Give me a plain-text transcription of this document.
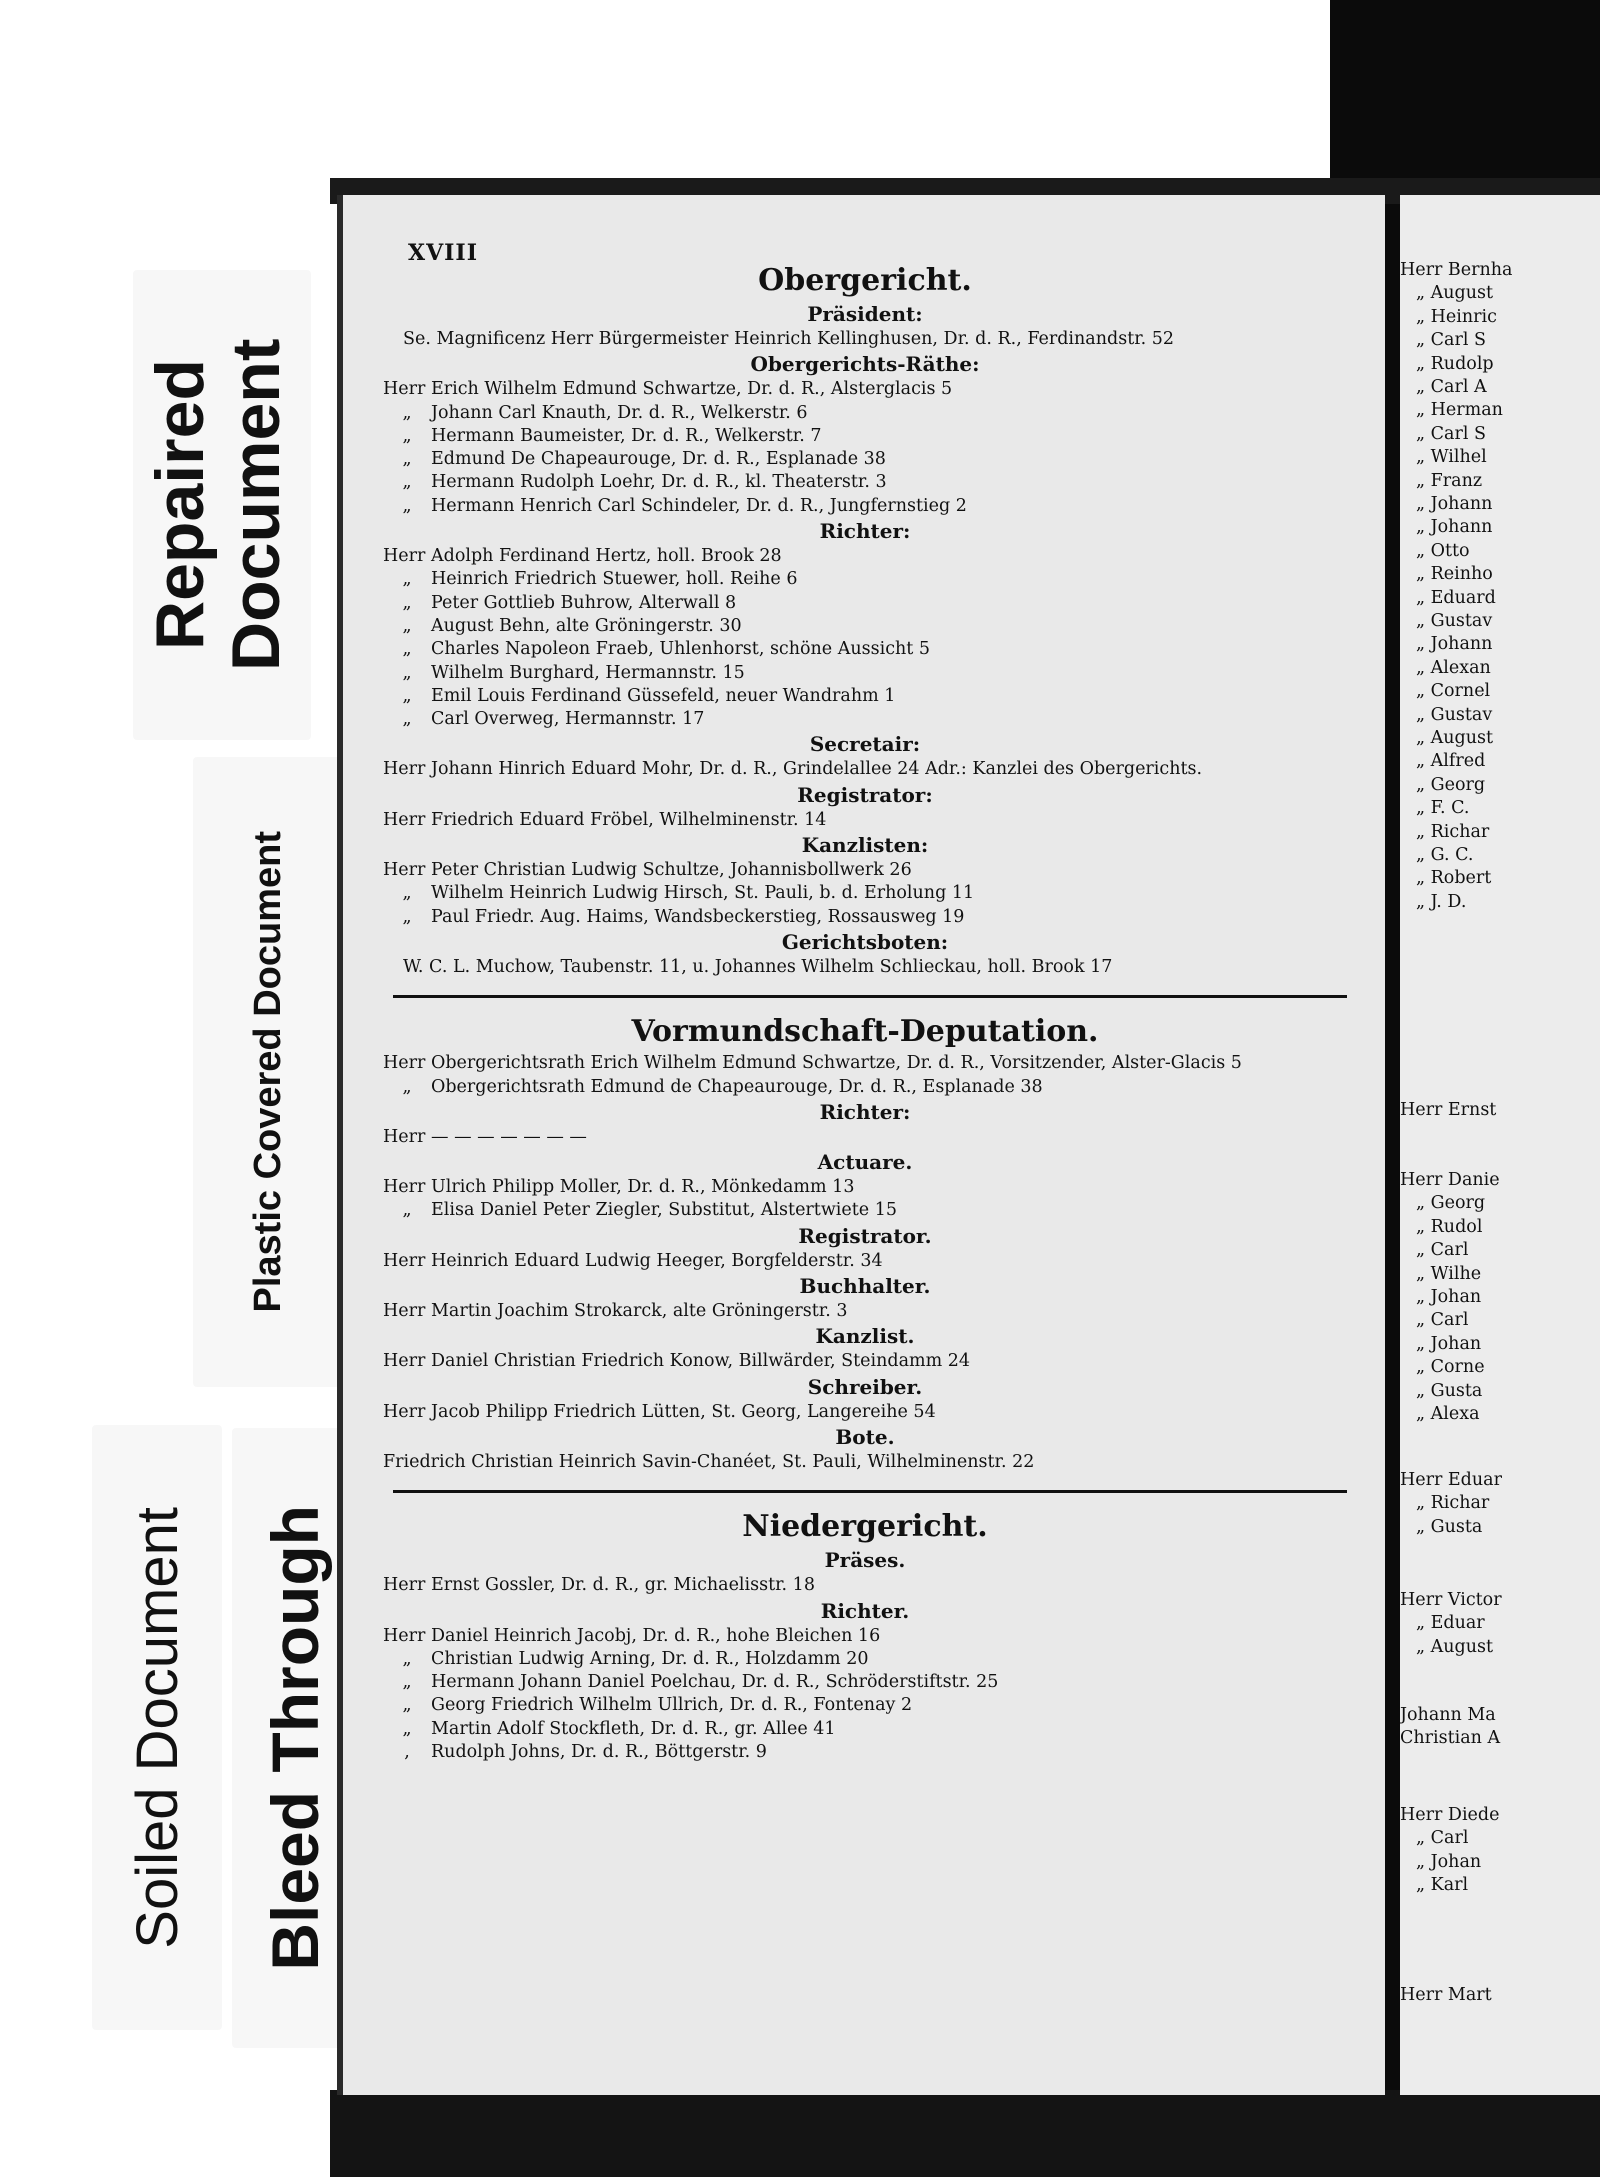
Repaired Document
Plastic Covered Document
Soiled Document Bleed Through
XVIII
Obergericht.
Präsident:
Se. Magnificenz Herr Bürgermeister Heinrich Kellinghusen, Dr. d. R., Ferdinandstr. 52
Obergerichts-Räthe:
Herr Erich Wilhelm Edmund Schwartze, Dr. d. R., Alsterglacis 5
„ Johann Carl Knauth, Dr. d. R., Welkerstr. 6
„ Hermann Baumeister, Dr. d. R., Welkerstr. 7
„ Edmund De Chapeaurouge, Dr. d. R., Esplanade 38
„ Hermann Rudolph Loehr, Dr. d. R., kl. Theaterstr. 3
„ Hermann Henrich Carl Schindeler, Dr. d. R., Jungfernstieg 2
Richter:
Herr Adolph Ferdinand Hertz, holl. Brook 28
„ Heinrich Friedrich Stuewer, holl. Reihe 6
„ Peter Gottlieb Buhrow, Alterwall 8
„ August Behn, alte Gröningerstr. 30
„ Charles Napoleon Fraeb, Uhlenhorst, schöne Aussicht 5
„ Wilhelm Burghard, Hermannstr. 15
„ Emil Louis Ferdinand Güssefeld, neuer Wandrahm 1
„ Carl Overweg, Hermannstr. 17
Secretair:
Herr Johann Hinrich Eduard Mohr, Dr. d. R., Grindelallee 24 Adr.: Kanzlei des Obergerichts.
Registrator:
Herr Friedrich Eduard Fröbel, Wilhelminenstr. 14
Kanzlisten:
Herr Peter Christian Ludwig Schultze, Johannisbollwerk 26
„ Wilhelm Heinrich Ludwig Hirsch, St. Pauli, b. d. Erholung 11
„ Paul Friedr. Aug. Haims, Wandsbeckerstieg, Rossausweg 19
Gerichtsboten:
W. C. L. Muchow, Taubenstr. 11, u. Johannes Wilhelm Schlieckau, holl. Brook 17
Vormundschaft-Deputation.
Herr Obergerichtsrath Erich Wilhelm Edmund Schwartze, Dr. d. R., Vorsitzender, Alster-Glacis 5
„ Obergerichtsrath Edmund de Chapeaurouge, Dr. d. R., Esplanade 38
Richter:
Herr — — — — — — —
Actuare.
Herr Ulrich Philipp Moller, Dr. d. R., Mönkedamm 13
„ Elisa Daniel Peter Ziegler, Substitut, Alstertwiete 15
Registrator.
Herr Heinrich Eduard Ludwig Heeger, Borgfelderstr. 34
Buchhalter.
Herr Martin Joachim Strokarck, alte Gröningerstr. 3
Kanzlist.
Herr Daniel Christian Friedrich Konow, Billwärder, Steindamm 24
Schreiber.
Herr Jacob Philipp Friedrich Lütten, St. Georg, Langereihe 54
Bote.
Friedrich Christian Heinrich Savin-Chanéet, St. Pauli, Wilhelminenstr. 22
Niedergericht.
Präses.
Herr Ernst Gossler, Dr. d. R., gr. Michaelisstr. 18
Richter.
Herr Daniel Heinrich Jacobj, Dr. d. R., hohe Bleichen 16
„ Christian Ludwig Arning, Dr. d. R., Holzdamm 20
„ Hermann Johann Daniel Poelchau, Dr. d. R., Schröderstiftstr. 25
„ Georg Friedrich Wilhelm Ullrich, Dr. d. R., Fontenay 2
„ Martin Adolf Stockfleth, Dr. d. R., gr. Allee 41
, Rudolph Johns, Dr. d. R., Böttgerstr. 9
Herr Bernha
„ August
„ Heinric
„ Carl S
„ Rudolp
„ Carl A
„ Herman
„ Carl S
„ Wilhel
„ Franz
„ Johann
„ Johann
„ Otto
„ Reinho
„ Eduard
„ Gustav
„ Johann
„ Alexan
„ Cornel
„ Gustav
„ August
„ Alfred
„ Georg
„ F. C.
„ Richar
„ G. C.
„ Robert
„ J. D.
Herr Ernst
Herr Danie
„ Georg
„ Rudol
„ Carl
„ Wilhe
„ Johan
„ Carl
„ Johan
„ Corne
„ Gusta
„ Alexa
Herr Eduar
„ Richar
„ Gusta
Herr Victor
„ Eduar
„ August
Johann Ma
Christian A
Herr Diede
„ Carl
„ Johan
„ Karl
Herr Mart
